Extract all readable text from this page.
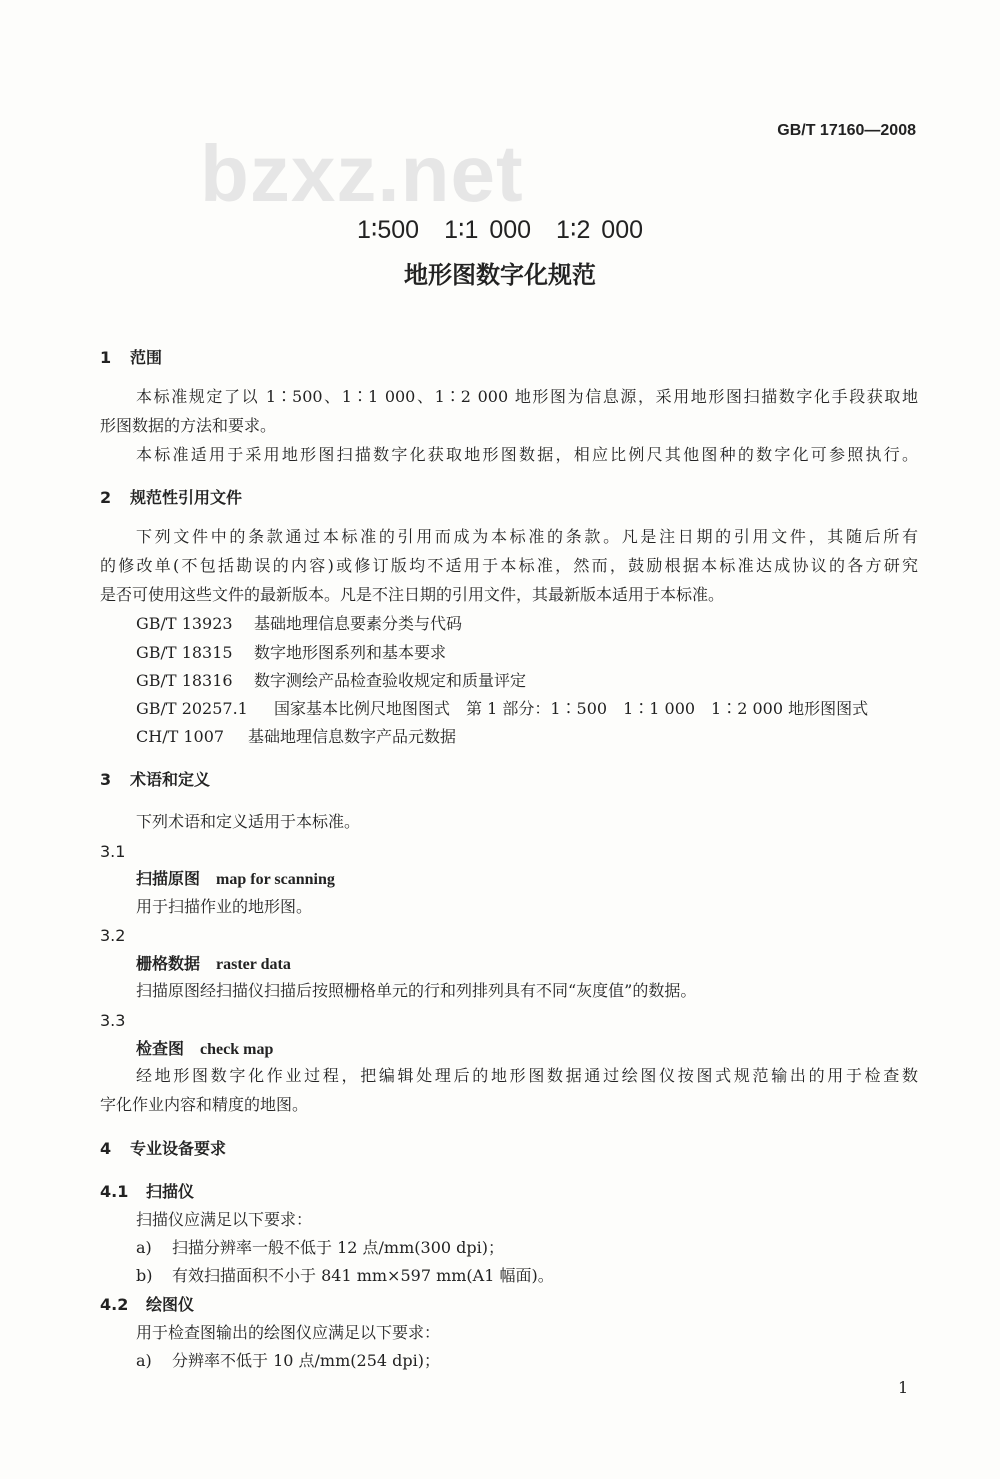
bzxz.net	GB/T 17160—2008
1∶500　1∶1 000　1∶2 000
地形图数字化规范
1 范围
本标准规定了以 1∶500、1∶1 000、1∶2 000 地形图为信息源，采用地形图扫描数字化手段获取地
形图数据的方法和要求。
本标准适用于采用地形图扫描数字化获取地形图数据，相应比例尺其他图种的数字化可参照执行。
2 规范性引用文件
下列文件中的条款通过本标准的引用而成为本标准的条款。凡是注日期的引用文件，其随后所有
的修改单(不包括勘误的内容)或修订版均不适用于本标准，然而，鼓励根据本标准达成协议的各方研究
是否可使用这些文件的最新版本。凡是不注日期的引用文件，其最新版本适用于本标准。
GB/T 13923 基础地理信息要素分类与代码
GB/T 18315 数字地形图系列和基本要求
GB/T 18316 数字测绘产品检查验收规定和质量评定
GB/T 20257.1 国家基本比例尺地图图式　第 1 部分：1∶500　1∶1 000　1∶2 000 地形图图式
CH/T 1007 基础地理信息数字产品元数据
3 术语和定义
下列术语和定义适用于本标准。
3.1
扫描原图 map for scanning
用于扫描作业的地形图。
3.2
栅格数据 raster data
扫描原图经扫描仪扫描后按照栅格单元的行和列排列具有不同“灰度值”的数据。
3.3
检查图 check map
经地形图数字化作业过程，把编辑处理后的地形图数据通过绘图仪按图式规范输出的用于检查数
字化作业内容和精度的地图。
4 专业设备要求
4.1 扫描仪
扫描仪应满足以下要求：
a) 扫描分辨率一般不低于 12 点/mm(300 dpi)；
b) 有效扫描面积不小于 841 mm×597 mm(A1 幅面)。
4.2 绘图仪
用于检查图输出的绘图仪应满足以下要求：
a) 分辨率不低于 10 点/mm(254 dpi)；
1
